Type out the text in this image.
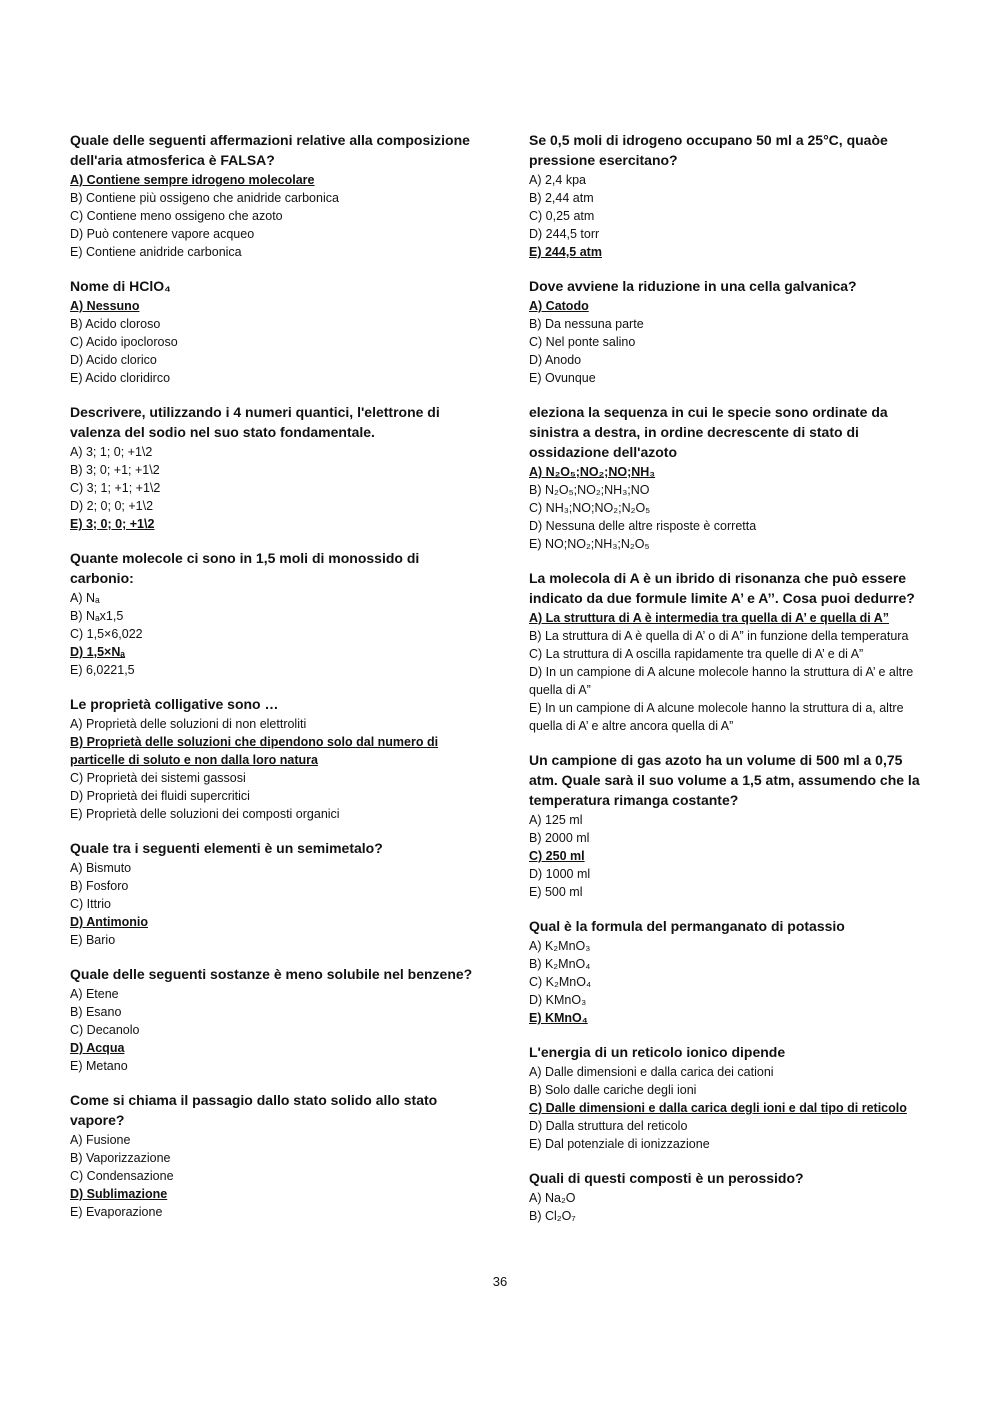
Quale delle seguenti affermazioni relative alla composizione dell'aria atmosferica è FALSA?
A) Contiene sempre idrogeno molecolare
B) Contiene più ossigeno che anidride carbonica
C) Contiene meno ossigeno che azoto
D) Può contenere vapore acqueo
E) Contiene anidride carbonica
Nome di HClO₄
A) Nessuno
B) Acido cloroso
C) Acido ipocloroso
D) Acido clorico
E) Acido cloridirco
Descrivere, utilizzando i 4 numeri quantici, l'elettrone di valenza del sodio nel suo stato fondamentale.
A) 3; 1; 0; +1\2
B) 3; 0; +1; +1\2
C) 3; 1; +1; +1\2
D) 2; 0; 0; +1\2
E) 3; 0; 0; +1\2
Quante molecole ci sono in 1,5 moli di monossido di carbonio:
A) Nₐ
B) Nₐx1,5
C) 1,5×6,022
D) 1,5×Nₐ
E) 6,0221,5
Le proprietà colligative sono …
A) Proprietà delle soluzioni di non elettroliti
B) Proprietà delle soluzioni che dipendono solo dal numero di particelle di soluto e non dalla loro natura
C) Proprietà dei sistemi gassosi
D) Proprietà dei fluidi supercritici
E) Proprietà delle soluzioni dei composti organici
Quale tra i seguenti elementi è un semimetalo?
A) Bismuto
B) Fosforo
C) Ittrio
D) Antimonio
E) Bario
Quale delle seguenti sostanze è meno solubile nel benzene?
A) Etene
B) Esano
C) Decanolo
D) Acqua
E) Metano
Come si chiama il passagio dallo stato solido allo stato vapore?
A) Fusione
B) Vaporizzazione
C) Condensazione
D) Sublimazione
E) Evaporazione
Se 0,5 moli di idrogeno occupano 50 ml a 25°C, quaòe pressione esercitano?
A) 2,4 kpa
B) 2,44 atm
C) 0,25 atm
D) 244,5 torr
E) 244,5 atm
Dove avviene la riduzione in una cella galvanica?
A) Catodo
B) Da nessuna parte
C) Nel ponte salino
D) Anodo
E) Ovunque
eleziona la sequenza in cui le specie sono ordinate da sinistra a destra, in ordine decrescente di stato di ossidazione dell'azoto
A) N₂O₅;NO₂;NO;NH₃
B) N₂O₅;NO₂;NH₃;NO
C) NH₃;NO;NO₂;N₂O₅
D) Nessuna delle altre risposte è corretta
E) NO;NO₂;NH₃;N₂O₅
La molecola di A è un ibrido di risonanza che può essere indicato da due formule limite A’ e A’’. Cosa puoi dedurre?
A) La struttura di A è intermedia tra quella di A’ e quella di A”
B) La struttura di A è quella di A’ o di A” in funzione della temperatura
C) La struttura di A oscilla rapidamente tra quelle di A’ e di A”
D) In un campione di A alcune molecole hanno la struttura di A’ e altre quella di A”
E) In un campione di A alcune molecole hanno la struttura di a, altre quella di A’ e altre ancora quella di A”
Un campione di gas azoto ha un volume di 500 ml a 0,75 atm. Quale sarà il suo volume a 1,5 atm, assumendo che la temperatura rimanga costante?
A) 125 ml
B) 2000 ml
C) 250 ml
D) 1000 ml
E) 500 ml
Qual è la formula del permanganato di potassio
A) K₂MnO₃
B) K₂MnO₄
C) K₂MnO₄
D) KMnO₃
E) KMnO₄
L'energia di un reticolo ionico dipende
A) Dalle dimensioni e dalla carica dei cationi
B) Solo dalle cariche degli ioni
C) Dalle dimensioni e dalla carica degli ioni e dal tipo di reticolo
D) Dalla struttura del reticolo
E) Dal potenziale di ionizzazione
Quali di questi composti è un perossido?
A) Na₂O
B) Cl₂O₇
36
